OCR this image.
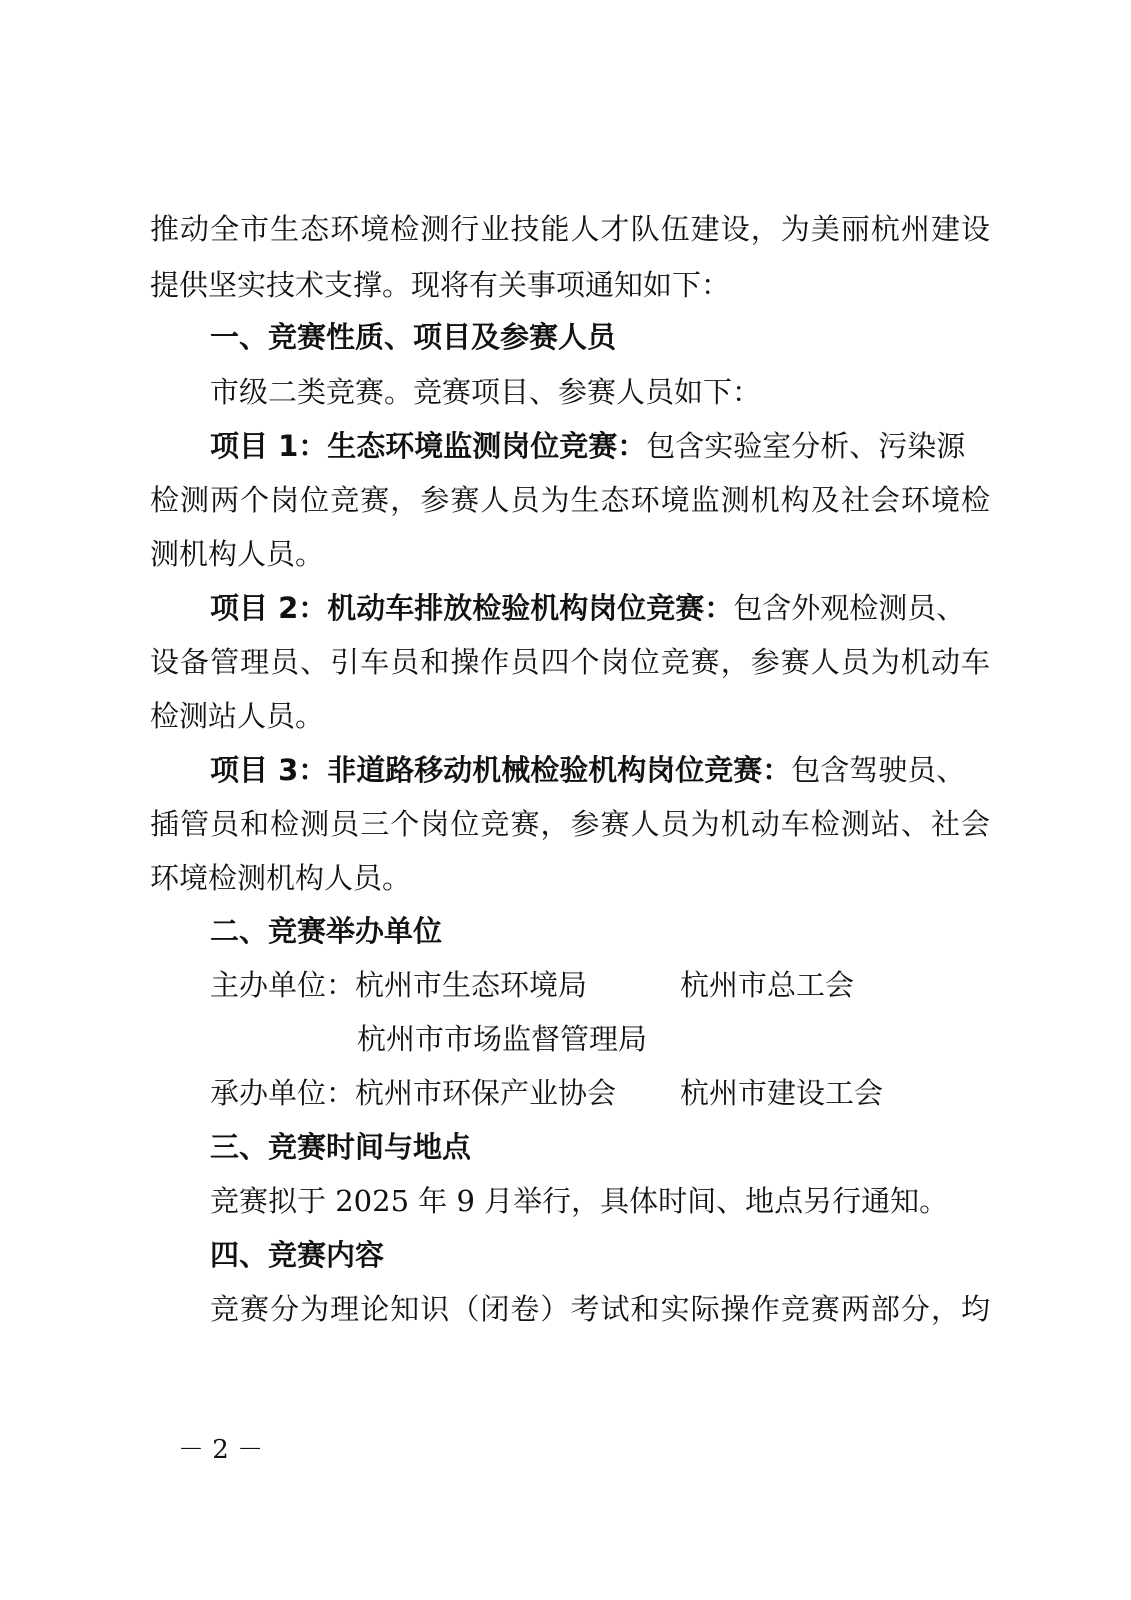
推动全市生态环境检测行业技能人才队伍建设，为美丽杭州建设
提供坚实技术支撑。现将有关事项通知如下：
一、竞赛性质、项目及参赛人员
市级二类竞赛。竞赛项目、参赛人员如下：
项目 1：生态环境监测岗位竞赛：包含实验室分析、污染源
检测两个岗位竞赛，参赛人员为生态环境监测机构及社会环境检
测机构人员。
项目 2：机动车排放检验机构岗位竞赛：包含外观检测员、
设备管理员、引车员和操作员四个岗位竞赛，参赛人员为机动车
检测站人员。
项目 3：非道路移动机械检验机构岗位竞赛：包含驾驶员、
插管员和检测员三个岗位竞赛，参赛人员为机动车检测站、社会
环境检测机构人员。
二、竞赛举办单位
主办单位：杭州市生态环境局	杭州市总工会
杭州市市场监督管理局
承办单位：杭州市环保产业协会 杭州市建设工会
三、竞赛时间与地点
竞赛拟于 2025 年 9 月举行，具体时间、地点另行通知。
四、竞赛内容
竞赛分为理论知识（闭卷）考试和实际操作竞赛两部分，均
－ 2 －
